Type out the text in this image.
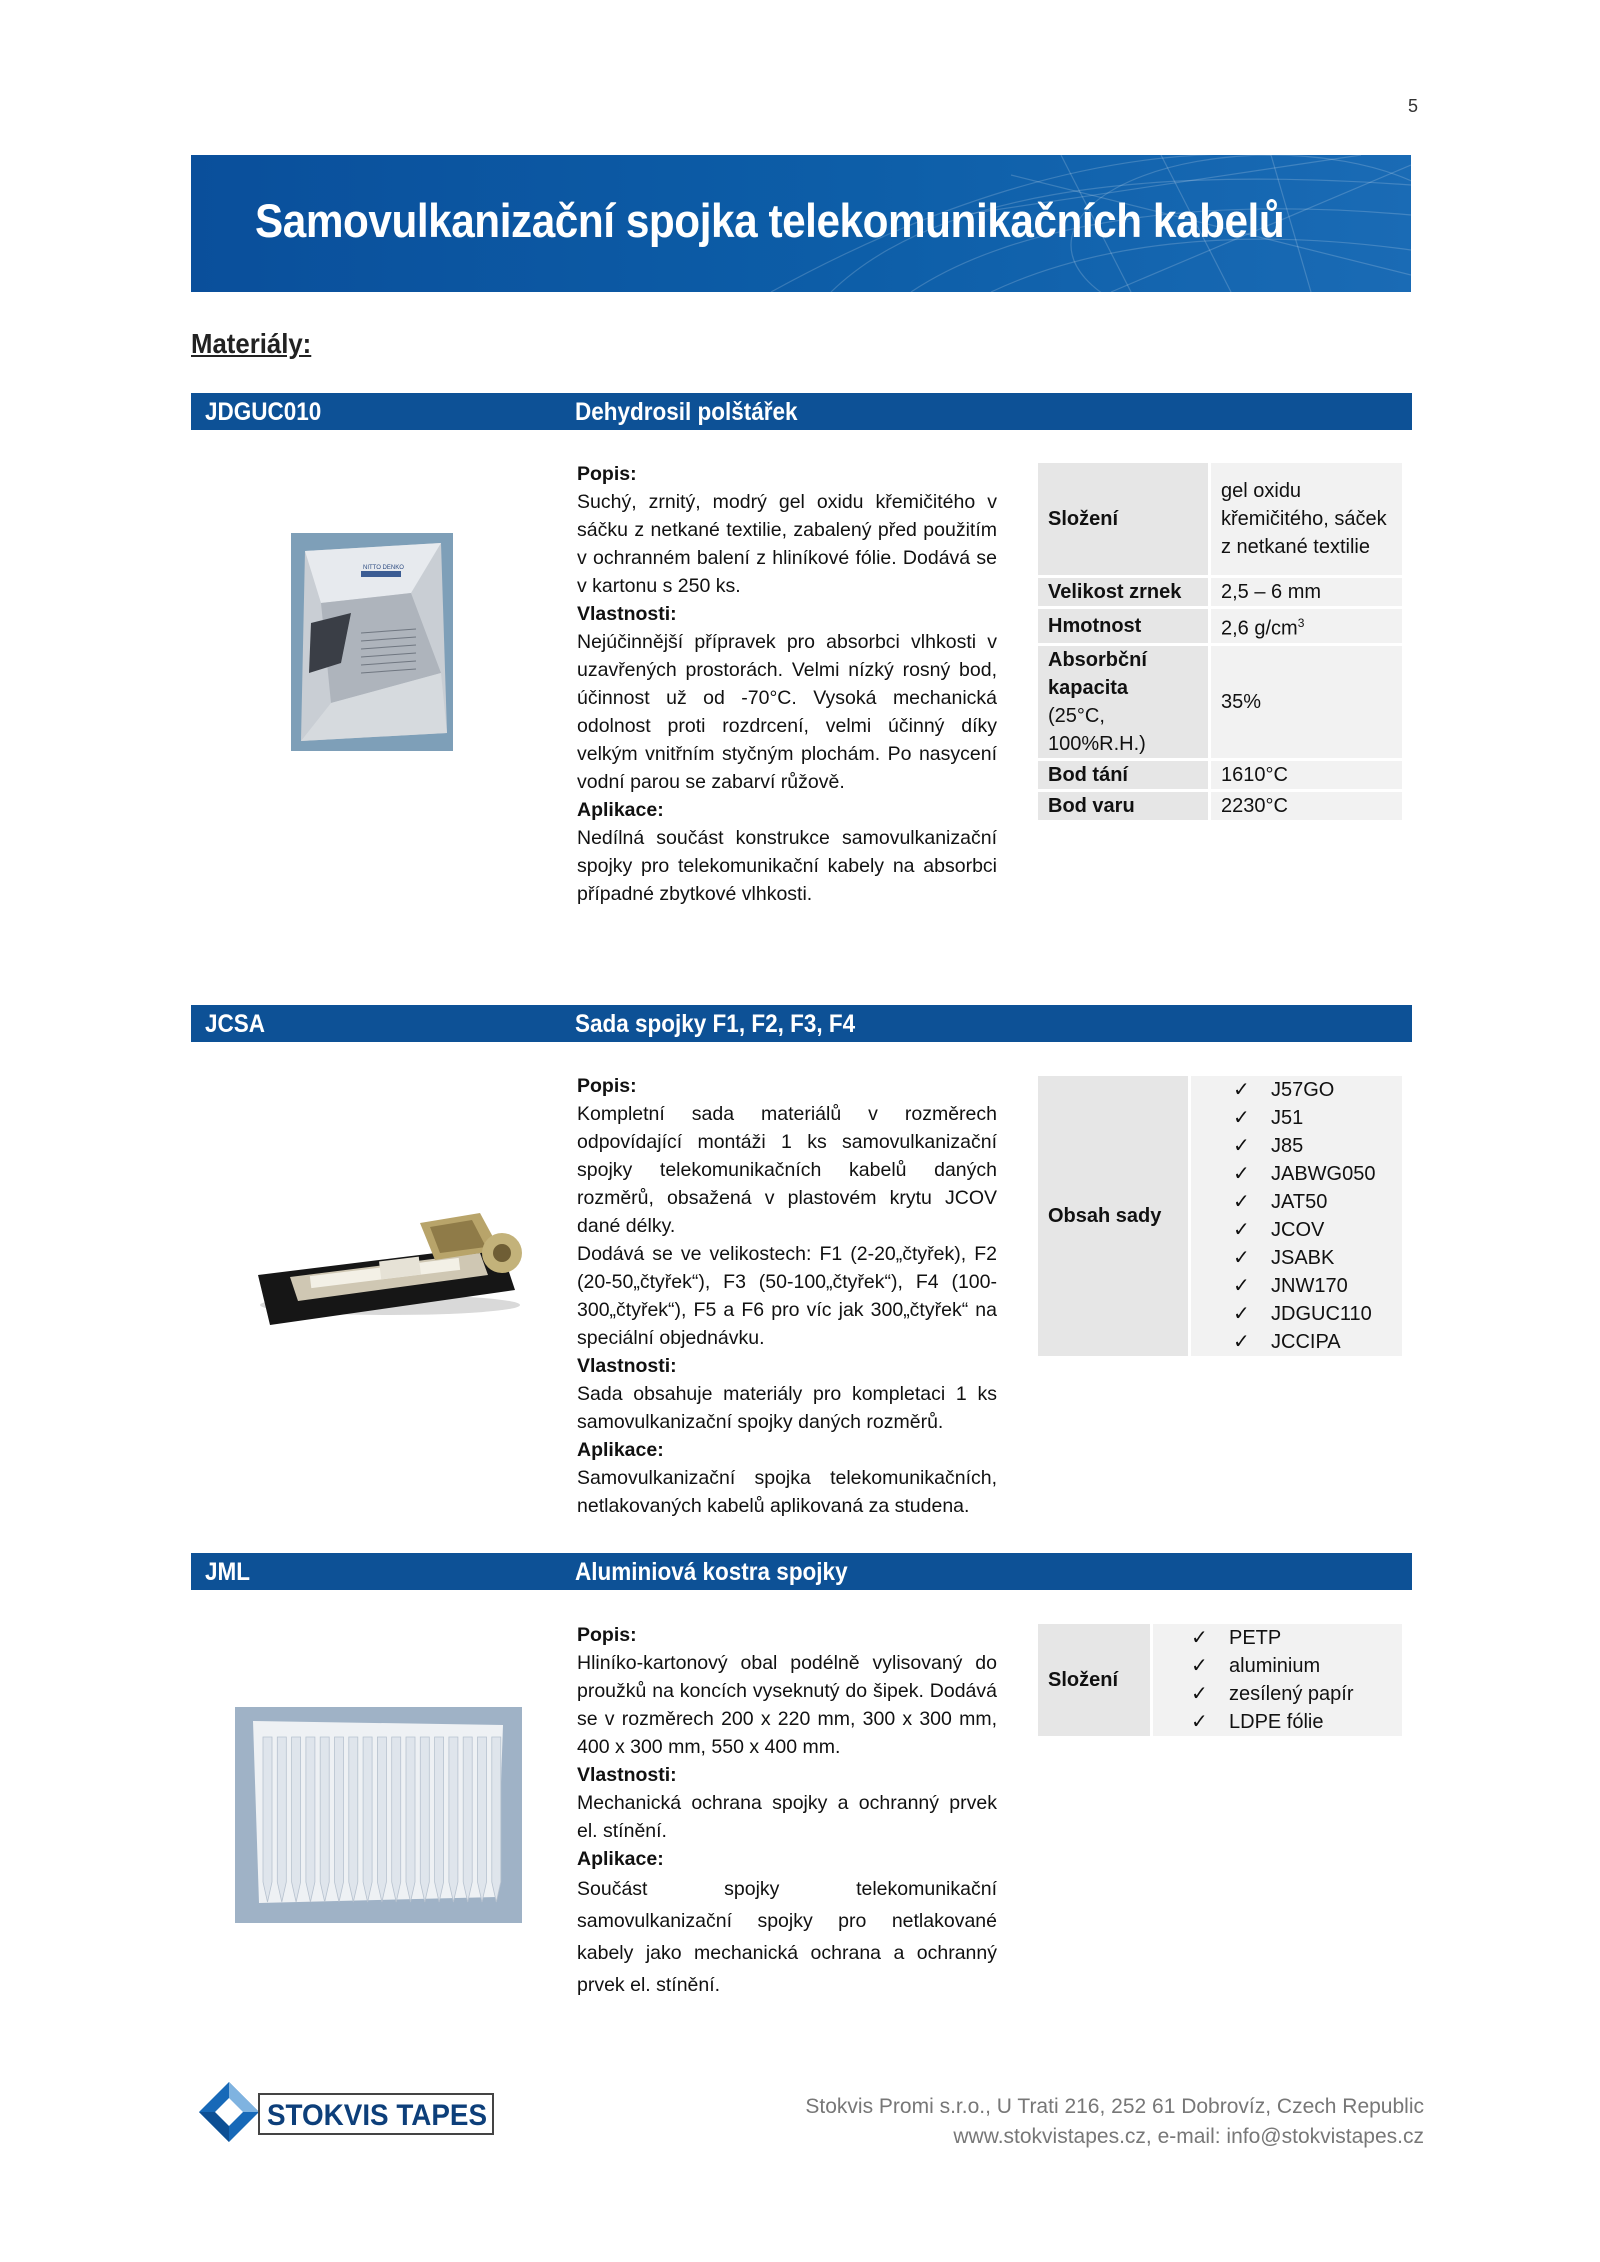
5
Samovulkanizační spojka telekomunikačních kabelů
Materiály:
JDGUC010	Dehydrosil polštářek
NITTO DENKO
Popis:
Suchý, zrnitý, modrý gel oxidu křemičitého v sáčku z netkané textilie, zabalený před použitím v ochranném balení z hliníkové fólie. Dodává se v kartonu s 250 ks.
Vlastnosti:
Nejúčinnější přípravek pro absorbci vlhkosti v uzavřených prostorách. Velmi nízký rosný bod, účinnost už od -70°C. Vysoká mechanická odolnost proti rozdrcení, velmi účinný díky velkým vnitřním styčným plochám. Po nasycení vodní parou se zabarví růžově.
Aplikace:
Nedílná součást konstrukce samovulkanizační spojky pro telekomunikační kabely na absorbci případné zbytkové vlhkosti.
Složení	gel oxidu křemičitého, sáček z netkané textilie
Velikost zrnek	2,5 – 6 mm
Hmotnost	2,6 $g/cm^3$
Absorbční kapacita
(25°C, 100%R.H.)	35%
Bod tání	1610°C
Bod varu	2230°C
JCSA	Sada spojky F1, F2, F3, F4
Popis:
Kompletní sada materiálů v rozměrech odpovídající montáži 1 ks samovulkanizační spojky telekomunikačních kabelů daných rozměrů, obsažená v plastovém krytu JCOV dané délky.
Dodává se ve velikostech: F1 (2-20„čtyřek), F2 (20-50„čtyřek“), F3 (50-100„čtyřek“), F4 (100-300„čtyřek“), F5 a F6 pro víc jak 300„čtyřek“ na speciální objednávku.
Vlastnosti:
Sada obsahuje materiály pro kompletaci 1 ks samovulkanizační spojky daných rozměrů.
Aplikace:
Samovulkanizační spojka telekomunikačních, netlakovaných kabelů aplikovaná za studena.
Obsah sady	
✓ J57GO
✓ J51
✓ J85
✓ JABWG050
✓ JAT50
✓ JCOV
✓ JSABK
✓ JNW170
✓ JDGUC110
✓ JCCIPA
JML	Aluminiová kostra spojky
Popis:
Hliníko-kartonový obal podélně vylisovaný do proužků na koncích vyseknutý do šipek. Dodává se v rozměrech 200 x 220 mm, 300 x 300 mm, 400 x 300 mm, 550 x 400 mm.
Vlastnosti:
Mechanická ochrana spojky a ochranný prvek el. stínění.
Aplikace:
Součást spojky telekomunikační samovulkanizační spojky pro netlakované kabely jako mechanická ochrana a ochranný prvek el. stínění.
Složení	
✓ PETP
✓ aluminium
✓ zesílený papír
✓ LDPE fólie
STOKVIS TAPES	Stokvis Promi s.r.o., U Trati 216, 252 61 Dobrovíz, Czech Republic
www.stokvistapes.cz, e-mail: info@stokvistapes.cz
